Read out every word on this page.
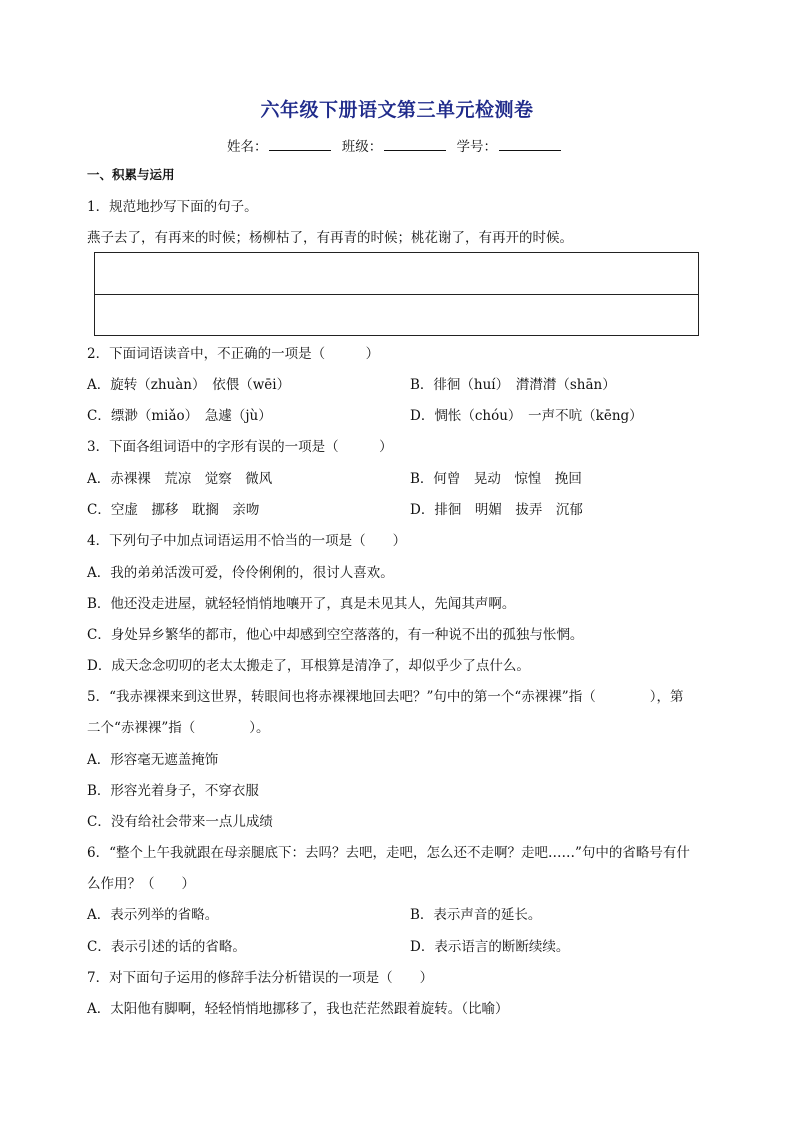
六年级下册语文第三单元检测卷
姓名：	班级：	学号：
一、积累与运用
1．规范地抄写下面的句子。
燕子去了，有再来的时候；杨柳枯了，有再青的时候；桃花谢了，有再开的时候。
2．下面词语读音中，不正确的一项是（　　　）
A．旋转（zhuàn）　依偎（wēi）	B．徘徊（huí）　潸潸潸（shān）
C．缥渺（miǎo）　急遽（jù）	D．惆怅（chóu）　一声不吭（kēng）
3．下面各组词语中的字形有误的一项是（　　　）
A．赤裸裸　荒凉　觉察　微风	B．何曾　晃动　惊惶　挽回
C．空虚　挪移　耽搁　亲吻	D．排徊　明媚　拔弄　沉郁
4．下列句子中加点词语运用不恰当的一项是（　　）
A．我的弟弟活泼可爱，伶伶俐俐的，很讨人喜欢。
B．他还没走进屋，就轻轻悄悄地嚷开了，真是未见其人，先闻其声啊。
C．身处异乡繁华的都市，他心中却感到空空落落的，有一种说不出的孤独与怅惘。
D．成天念念叨叨的老太太搬走了，耳根算是清净了，却似乎少了点什么。
5．“我赤裸裸来到这世界，转眼间也将赤裸裸地回去吧？”句中的第一个“赤裸裸”指（　　　　），第
二个“赤裸裸”指（　　　　）。
A．形容毫无遮盖掩饰
B．形容光着身子，不穿衣服
C．没有给社会带来一点儿成绩
6．“整个上午我就跟在母亲腿底下：去吗？去吧，走吧，怎么还不走啊？走吧……”句中的省略号有什
么作用？（　　）
A．表示列举的省略。	B．表示声音的延长。
C．表示引述的话的省略。	D．表示语言的断断续续。
7．对下面句子运用的修辞手法分析错误的一项是（　　）
A．太阳他有脚啊，轻轻悄悄地挪移了，我也茫茫然跟着旋转。（比喻）
